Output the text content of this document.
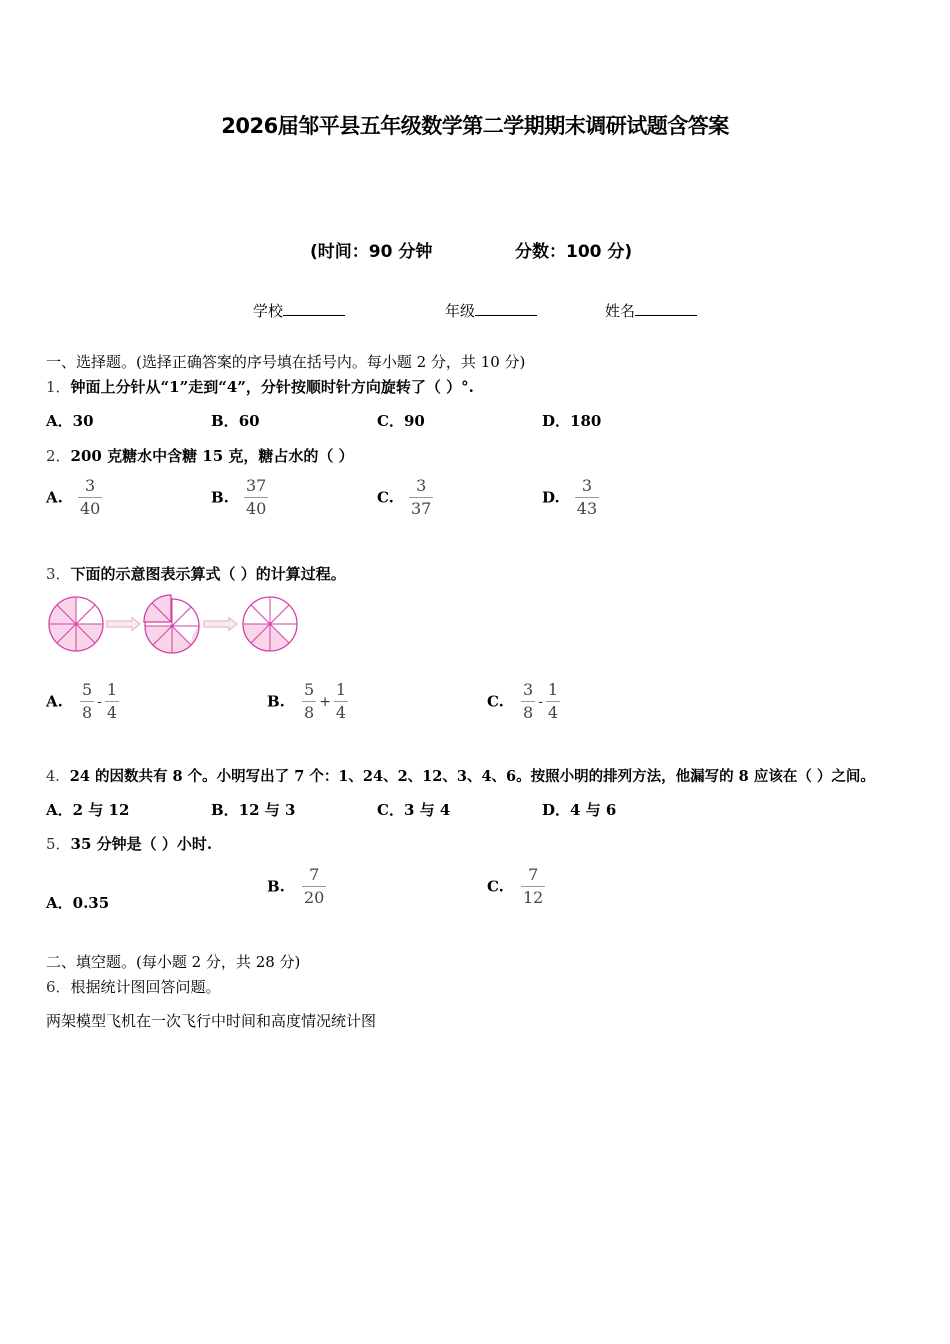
2026届邹平县五年级数学第二学期期末调研试题含答案
(时间：90 分钟	分数：100 分)
学校	年级	姓名
一、选择题。(选择正确答案的序号填在括号内。每小题 2 分，共 10 分)
1．钟面上分针从“1”走到“4”，分针按顺时针方向旋转了（ ）°.
A．30	B．60	C．90	D．180
2．200 克糖水中含糖 15 克，糖占水的（ ）
A. $\frac{3}{40}$	B. $\frac{37}{40}$	C. $\frac{3}{37}$	D. $\frac{3}{43}$
3．下面的示意图表示算式（ ）的计算过程。
A. $\frac{5}{8} - \frac{1}{4}$	B. $\frac{5}{8} + \frac{1}{4}$	C. $\frac{3}{8} - \frac{1}{4}$
4．24 的因数共有 8 个。小明写出了 7 个：1、24、2、12、3、4、6。按照小明的排列方法，他漏写的 8 应该在（ ）之间。
A．2 与 12	B．12 与 3	C．3 与 4	D．4 与 6
5．35 分钟是（ ）小时.
A．0.35
B. $\frac{7}{20}$	C. $\frac{7}{12}$
二、填空题。(每小题 2 分，共 28 分)
6．根据统计图回答问题。
两架模型飞机在一次飞行中时间和高度情况统计图
